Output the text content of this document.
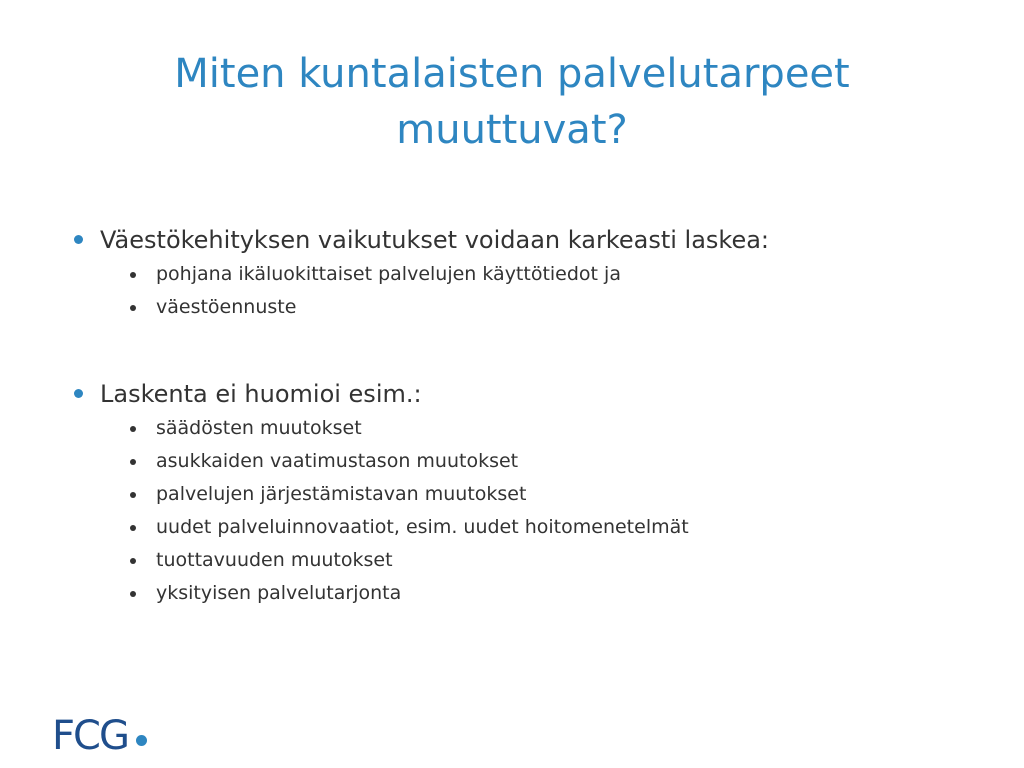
Miten kuntalaisten palvelutarpeet
muuttuvat?

Väestökehityksen vaikutukset voidaan karkeasti laskea:

pohjana ikäluokittaiset palvelujen käyttötiedot ja
väestöennuste

Laskenta ei huomioi esim.:

säädösten muutokset
asukkaiden vaatimustason muutokset
palvelujen järjestämistavan muutokset
uudet palveluinnovaatiot, esim. uudet hoitomenetelmät
tuottavuuden muutokset
yksityisen palvelutarjonta
FCG
